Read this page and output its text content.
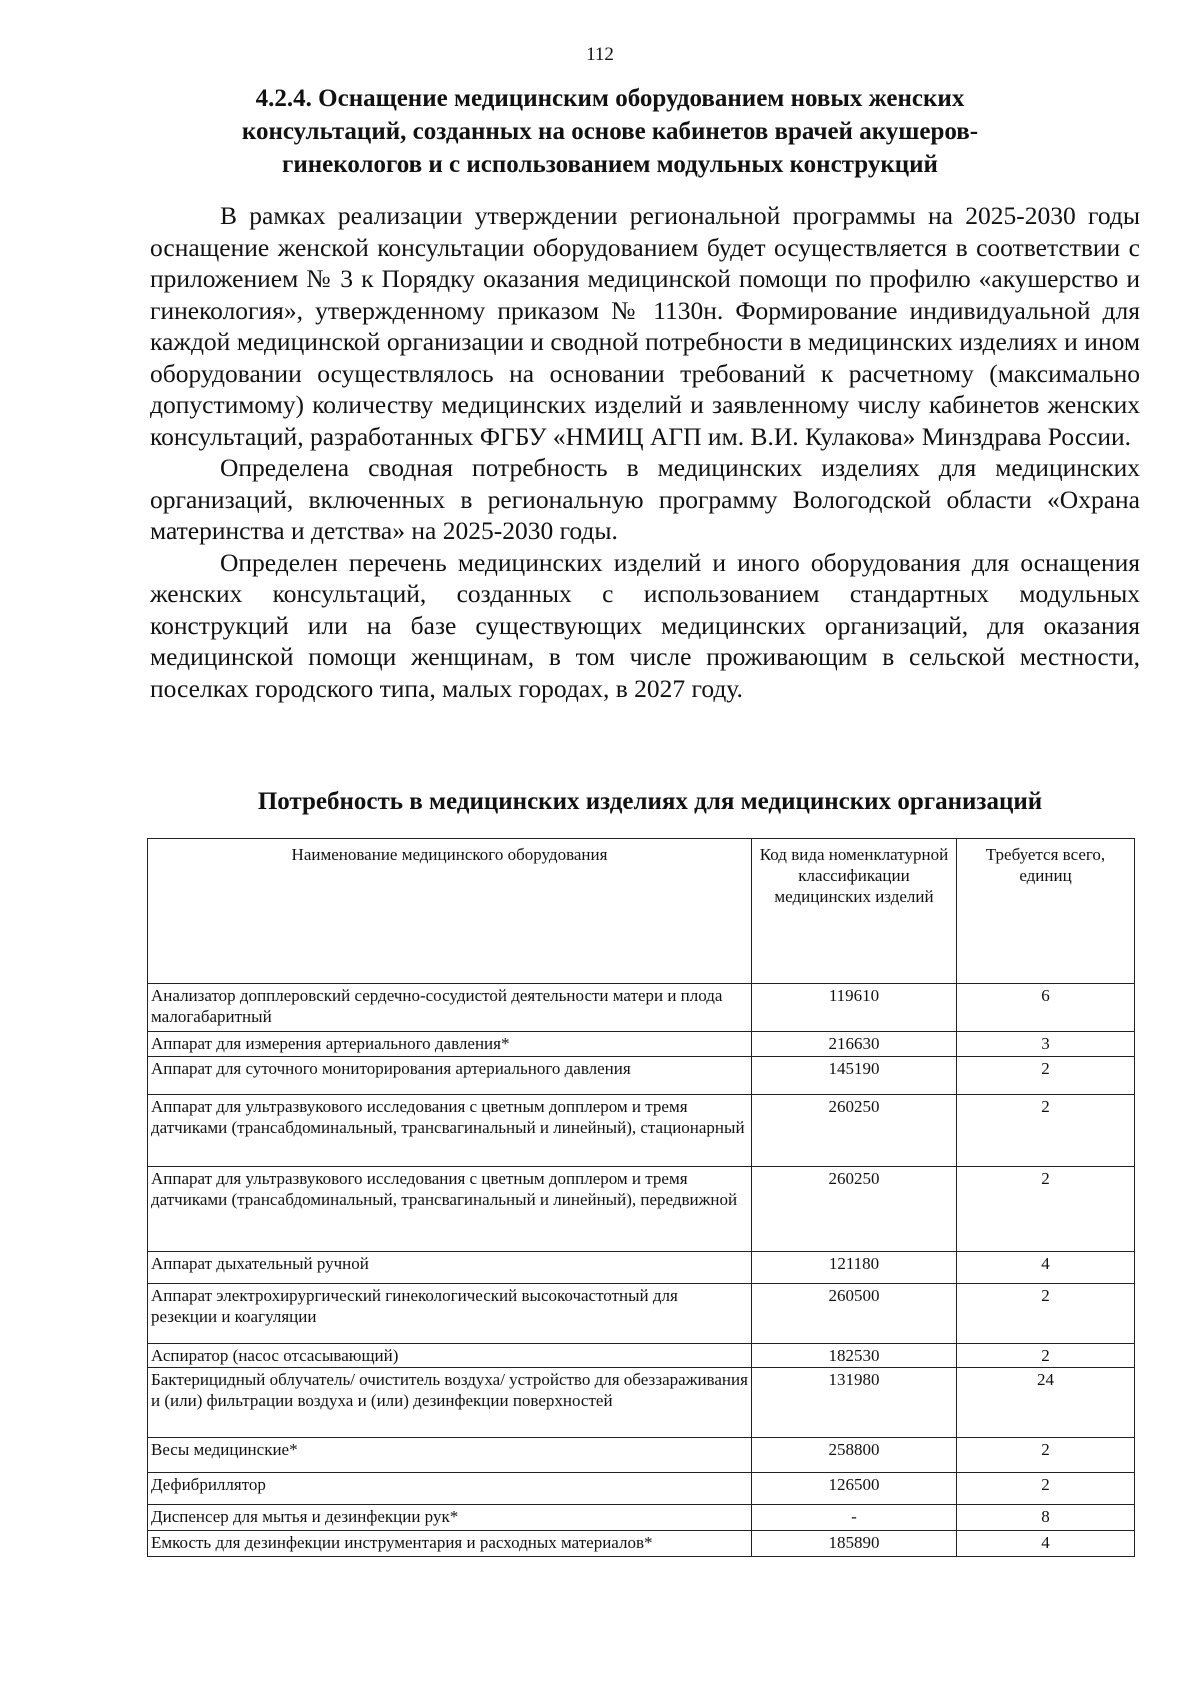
112
4.2.4. Оснащение медицинским оборудованием новых женских
консультаций, созданных на основе кабинетов врачей акушеров-
гинекологов и с использованием модульных конструкций

В рамках реализации утверждении региональной программы на 2025-2030 годы оснащение женской консультации оборудованием будет осуществляется в соответствии с приложением № 3 к Порядку оказания медицинской помощи по профилю «акушерство и гинекология», утвержденному приказом № 1130н. Формирование индивидуальной для каждой медицинской организации и сводной потребности в медицинских изделиях и ином оборудовании осуществлялось на основании требований к расчетному (максимально допустимому) количеству медицинских изделий и заявленному числу кабинетов женских консультаций, разработанных ФГБУ «НМИЦ АГП им. В.И. Кулакова» Минздрава России.

Определена сводная потребность в медицинских изделиях для медицинских организаций, включенных в региональную программу Вологодской области «Охрана материнства и детства» на 2025-2030 годы.

Определен перечень медицинских изделий и иного оборудования для оснащения женских консультаций, созданных с использованием стандартных модульных конструкций или на базе существующих медицинских организаций, для оказания медицинской помощи женщинам, в том числе проживающим в сельской местности, поселках городского типа, малых городах, в 2027 году.

Потребность в медицинских изделиях для медицинских организаций
Наименование медицинского оборудования	Код вида номенклатурной классификации медицинских изделий	Требуется всего, единиц
Анализатор допплеровский сердечно-сосудистой деятельности матери и плода малогабаритный	119610	6
Аппарат для измерения артериального давления*	216630	3
Аппарат для суточного мониторирования артериального давления	145190	2
Аппарат для ультразвукового исследования с цветным допплером и тремя датчиками (трансабдоминальный, трансвагинальный и линейный), стационарный	260250	2
Аппарат для ультразвукового исследования с цветным допплером и тремя датчиками (трансабдоминальный, трансвагинальный и линейный), передвижной	260250	2
Аппарат дыхательный ручной	121180	4
Аппарат электрохирургический гинекологический высокочастотный для резекции и коагуляции	260500	2
Аспиратор (насос отсасывающий)	182530	2
Бактерицидный облучатель/ очиститель воздуха/ устройство для обеззараживания и (или) фильтрации воздуха и (или) дезинфекции поверхностей	131980	24
Весы медицинские*	258800	2
Дефибриллятор	126500	2
Диспенсер для мытья и дезинфекции рук*	-	8
Емкость для дезинфекции инструментария и расходных материалов*	185890	4
